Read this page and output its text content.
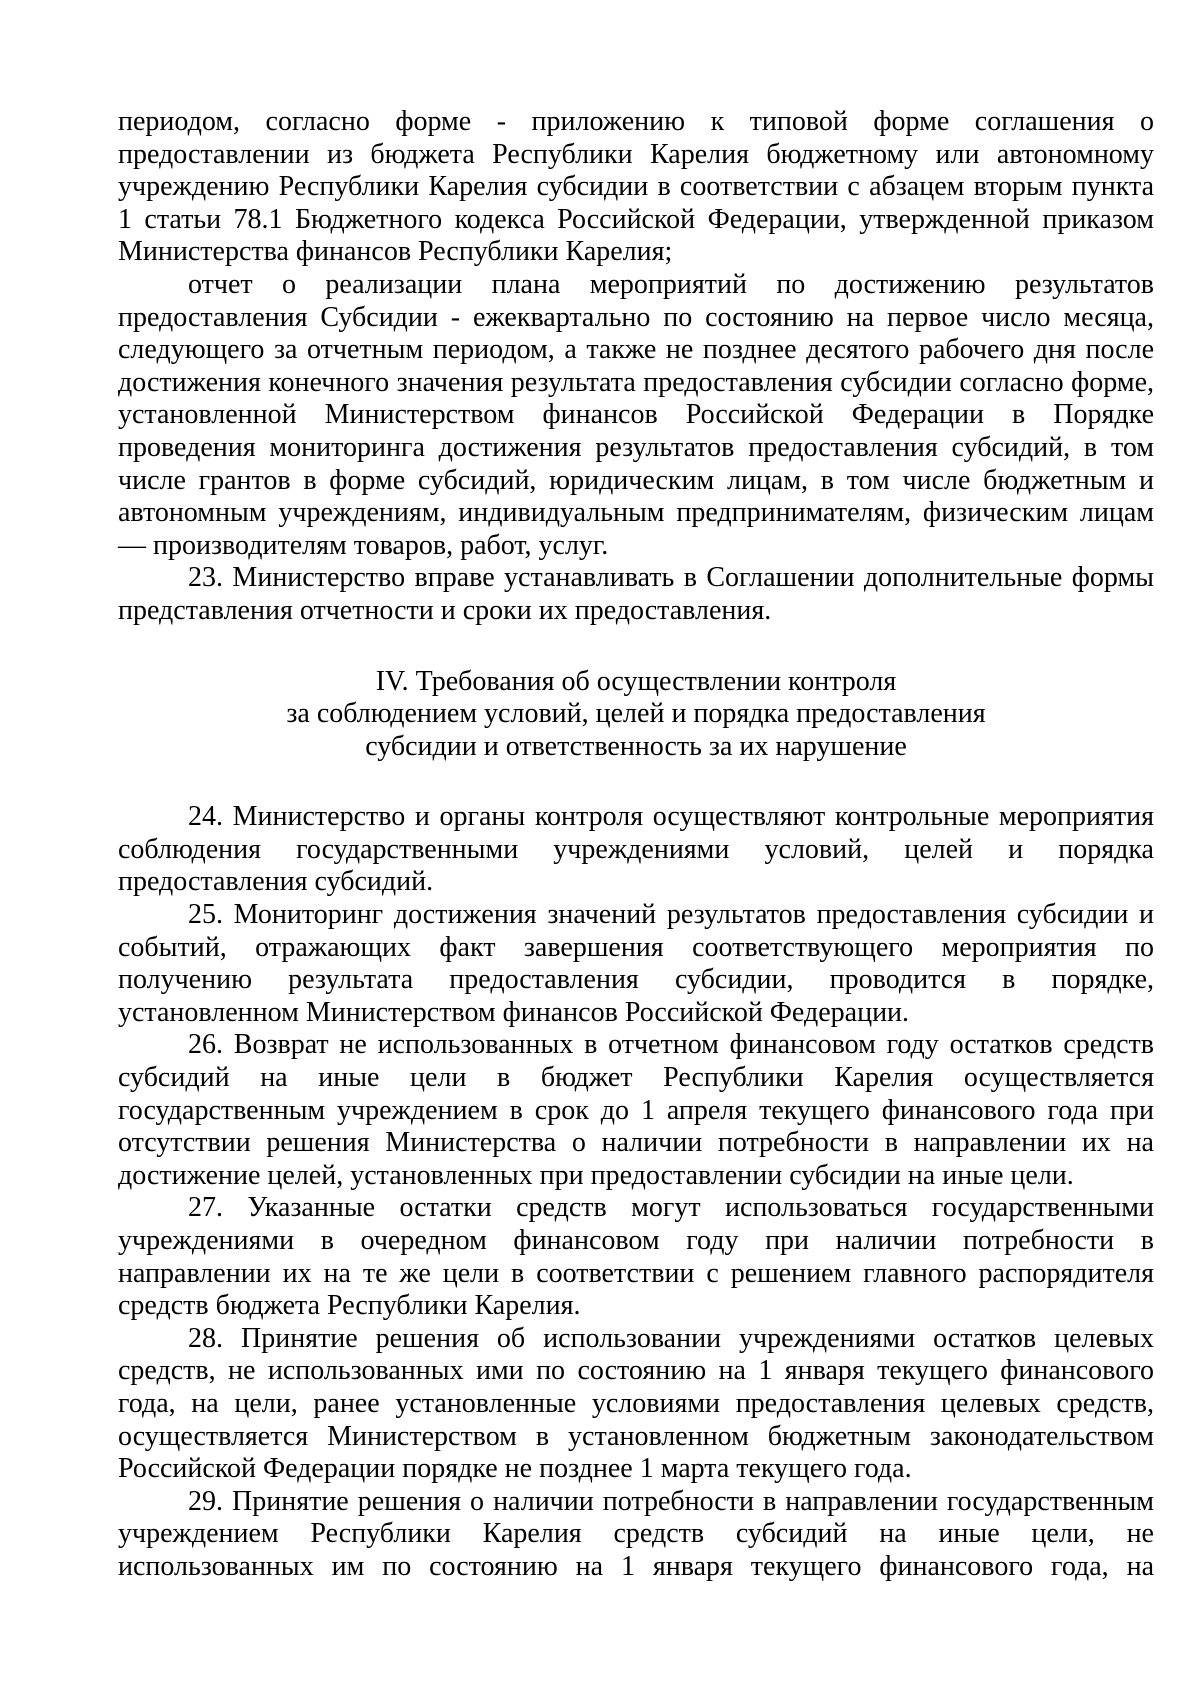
периодом, согласно форме - приложению к типовой форме соглашения о предоставлении из бюджета Республики Карелия бюджетному или автономному учреждению Республики Карелия субсидии в соответствии с абзацем вторым пункта 1 статьи 78.1 Бюджетного кодекса Российской Федерации, утвержденной приказом Министерства финансов Республики Карелия;

отчет о реализации плана мероприятий по достижению результатов предоставления Субсидии - ежеквартально по состоянию на первое число месяца, следующего за отчетным периодом, а также не позднее десятого рабочего дня после достижения конечного значения результата предоставления субсидии согласно форме, установленной Министерством финансов Российской Федерации в Порядке проведения мониторинга достижения результатов предоставления субсидий, в том числе грантов в форме субсидий, юридическим лицам, в том числе бюджетным и автономным учреждениям, индивидуальным предпринимателям, физическим лицам — производителям товаров, работ, услуг.

23. Министерство вправе устанавливать в Соглашении дополнительные формы представления отчетности и сроки их предоставления.

IV. Требования об осуществлении контроля
за соблюдением условий, целей и порядка предоставления
субсидии и ответственность за их нарушение

24. Министерство и органы контроля осуществляют контрольные мероприятия соблюдения государственными учреждениями условий, целей и порядка предоставления субсидий.

25. Мониторинг достижения значений результатов предоставления субсидии и событий, отражающих факт завершения соответствующего мероприятия по получению результата предоставления субсидии, проводится в порядке, установленном Министерством финансов Российской Федерации.

26. Возврат не использованных в отчетном финансовом году остатков средств субсидий на иные цели в бюджет Республики Карелия осуществляется государственным учреждением в срок до 1 апреля текущего финансового года при отсутствии решения Министерства о наличии потребности в направлении их на достижение целей, установленных при предоставлении субсидии на иные цели.

27. Указанные остатки средств могут использоваться государственными учреждениями в очередном финансовом году при наличии потребности в направлении их на те же цели в соответствии с решением главного распорядителя средств бюджета Республики Карелия.

28. Принятие решения об использовании учреждениями остатков целевых средств, не использованных ими по состоянию на 1 января текущего финансового года, на цели, ранее установленные условиями предоставления целевых средств, осуществляется Министерством в установленном бюджетным законодательством Российской Федерации порядке не позднее 1 марта текущего года.

29. Принятие решения о наличии потребности в направлении государственным учреждением Республики Карелия средств субсидий на иные цели, не использованных им по состоянию на 1 января текущего финансового года, на
